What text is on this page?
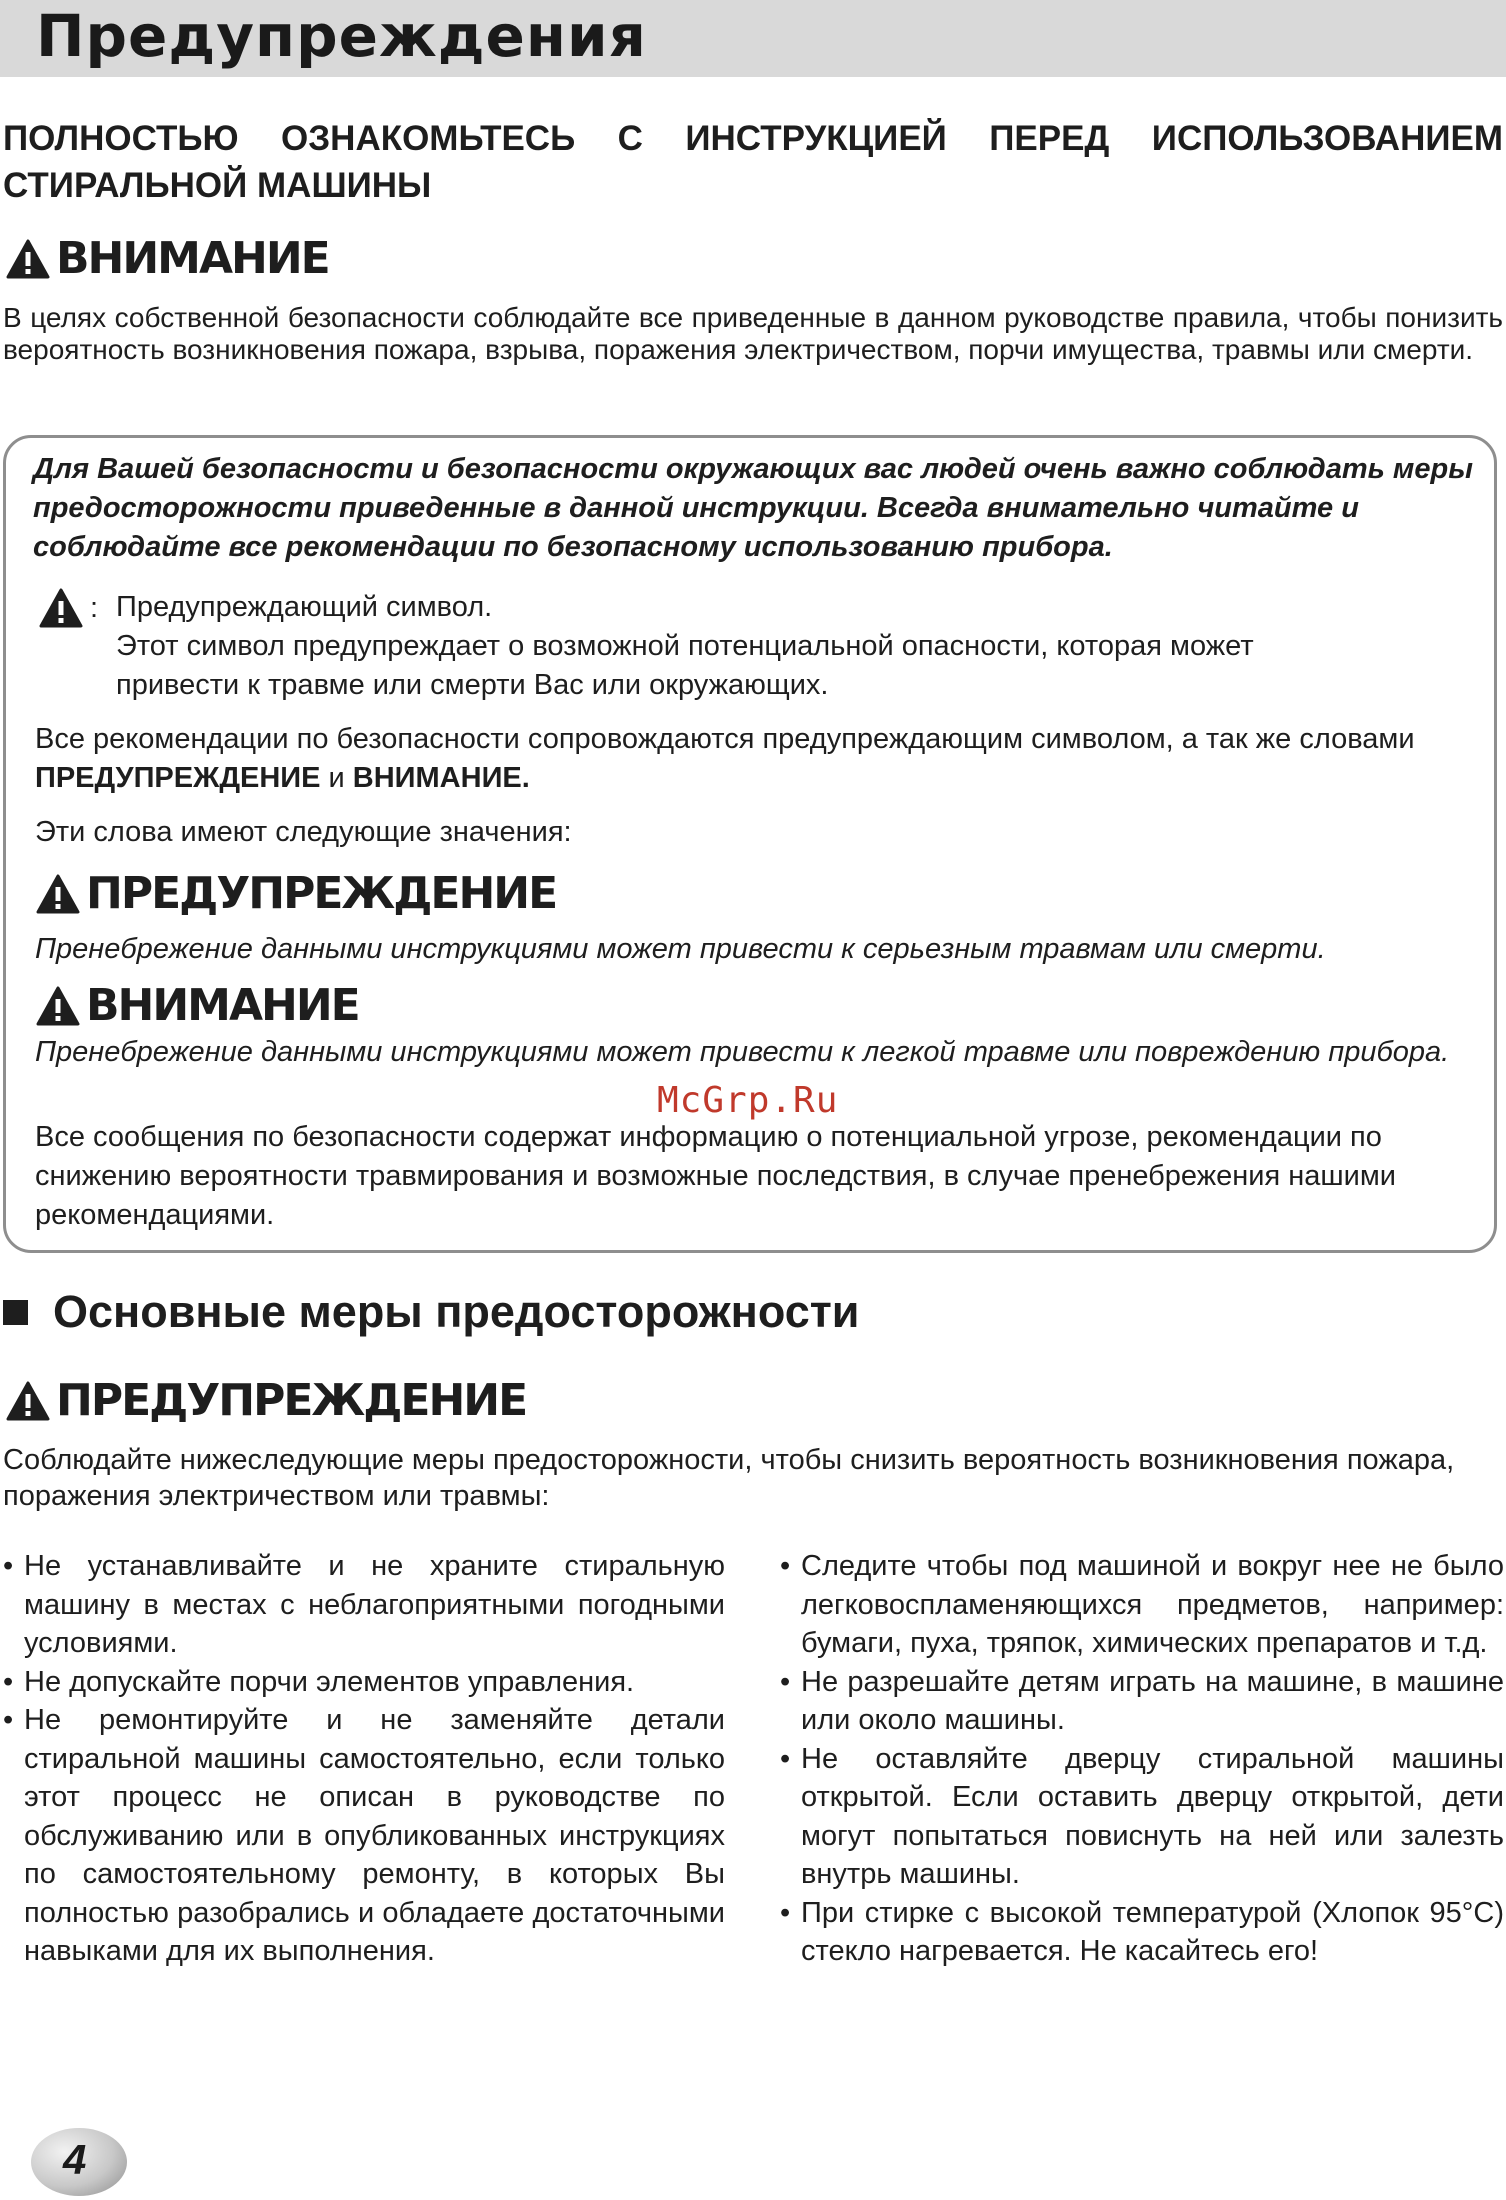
Предупреждения

ПОЛНОСТЬЮ ОЗНАКОМЬТЕСЬ С ИНСТРУКЦИЕЙ ПЕРЕД ИСПОЛЬЗОВАНИЕМ СТИРАЛЬНОЙ МАШИНЫ

ВНИМАНИЕ

В целях собственной безопасности соблюдайте все приведенные в данном руководстве правила, чтобы понизить вероятность возникновения пожара, взрыва, поражения электричеством, порчи имущества, травмы или смерти.

Для Вашей безопасности и безопасности окружающих вас людей очень важно соблюдать меры предосторожности приведенные в данной инструкции. Всегда внимательно читайте и соблюдайте все рекомендации по безопасному использованию прибора.

: Предупреждающий символ.
Этот символ предупреждает о возможной потенциальной опасности, которая может привести к травме или смерти Вас или окружающих.

Все рекомендации по безопасности сопровождаются предупреждающим символом, а так же словами ПРЕДУПРЕЖДЕНИЕ и ВНИМАНИЕ.

Эти слова имеют следующие значения:

ПРЕДУПРЕЖДЕНИЕ

Пренебрежение данными инструкциями может привести к серьезным травмам или смерти.

ВНИМАНИЕ

Пренебрежение данными инструкциями может привести к легкой травме или повреждению прибора.

McGrp.Ru

Все сообщения по безопасности содержат информацию о потенциальной угрозе, рекомендации по снижению вероятности травмирования и возможные последствия, в случае пренебрежения нашими рекомендациями.

Основные меры предосторожности
ПРЕДУПРЕЖДЕНИЕ

Соблюдайте нижеследующие меры предосторожности, чтобы снизить вероятность возникновения пожара, поражения электричеством или травмы:

• Не устанавливайте и не храните стиральную машину в местах с неблагоприятными погодными условиями.
• Не допускайте порчи элементов управления.
• Не ремонтируйте и не заменяйте детали стиральной машины самостоятельно, если только этот процесс не описан в руководстве по обслуживанию или в опубликованных инструкциях по самостоятельному ремонту, в которых Вы полностью разобрались и обладаете достаточными навыками для их выполнения.
• Следите чтобы под машиной и вокруг нее не было легковоспламеняющихся предметов, например: бумаги, пуха, тряпок, химических препаратов и т.д.
• Не разрешайте детям играть на машине, в машине или около машины.
• Не оставляйте дверцу стиральной машины открытой. Если оставить дверцу открытой, дети могут попытаться повиснуть на ней или залезть внутрь машины.
• При стирке с высокой температурой (Хлопок 95°C) стекло нагревается. Не касайтесь его!
4
